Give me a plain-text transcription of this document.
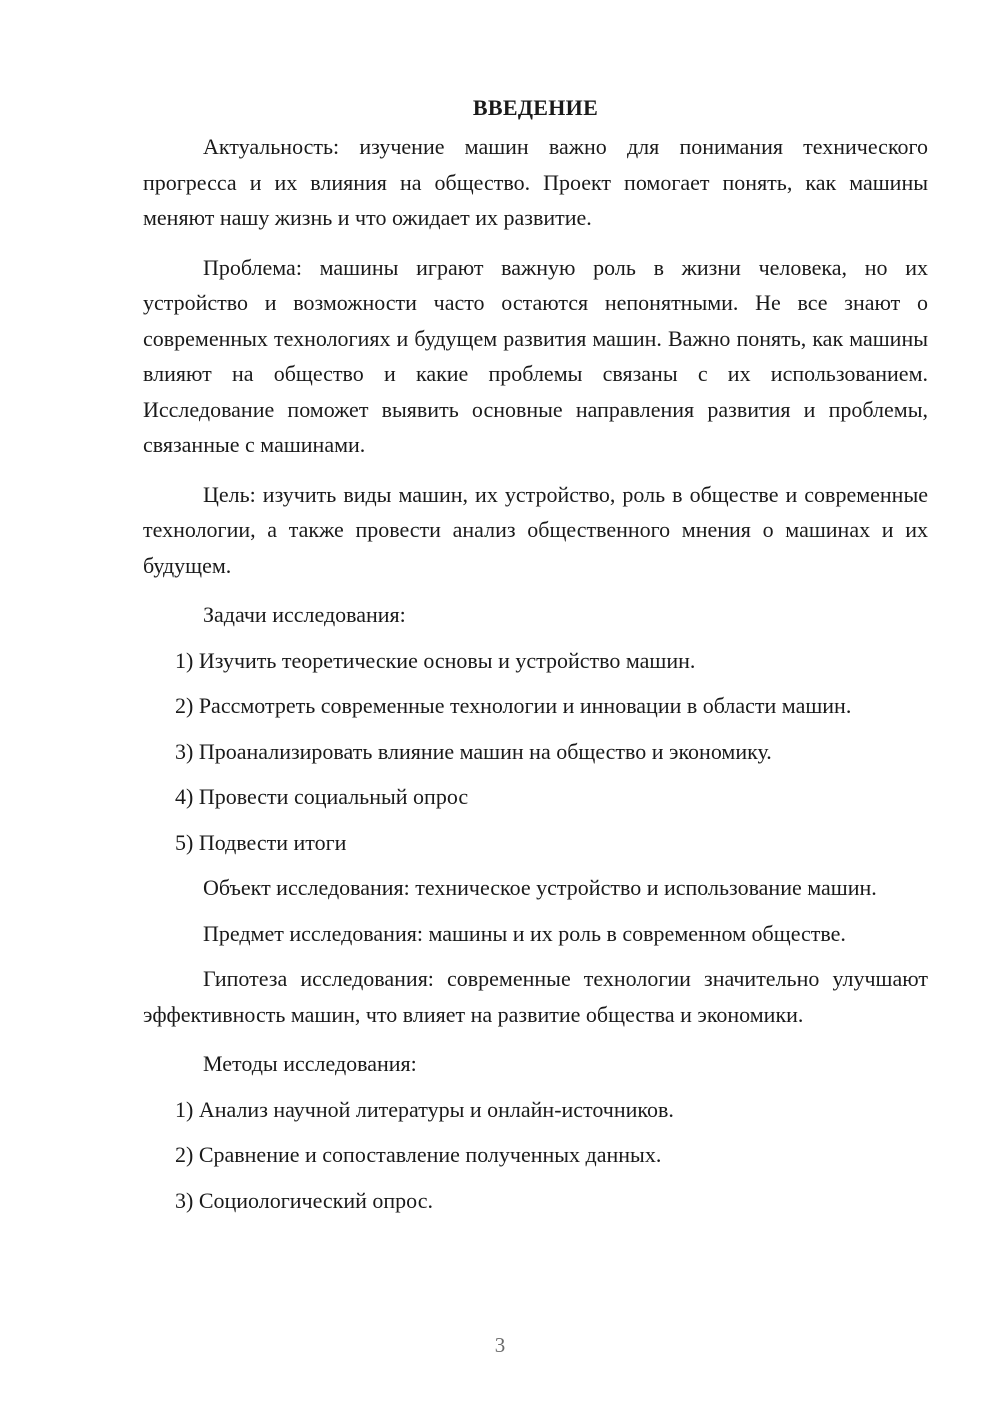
ВВЕДЕНИЕ

Актуальность: изучение машин важно для понимания технического прогресса и их влияния на общество. Проект помогает понять, как машины меняют нашу жизнь и что ожидает их развитие.

Проблема: машины играют важную роль в жизни человека, но их устройство и возможности часто остаются непонятными. Не все знают о современных технологиях и будущем развития машин. Важно понять, как машины влияют на общество и какие проблемы связаны с их использованием. Исследование поможет выявить основные направления развития и проблемы, связанные с машинами.

Цель: изучить виды машин, их устройство, роль в обществе и современные технологии, а также провести анализ общественного мнения о машинах и их будущем.

Задачи исследования:

1) Изучить теоретические основы и устройство машин.

2) Рассмотреть современные технологии и инновации в области машин.

3) Проанализировать влияние машин на общество и экономику.

4) Провести социальный опрос

5) Подвести итоги

Объект исследования: техническое устройство и использование машин.

Предмет исследования: машины и их роль в современном обществе.

Гипотеза исследования: современные технологии значительно улучшают эффективность машин, что влияет на развитие общества и экономики.

Методы исследования:

1) Анализ научной литературы и онлайн-источников.

2) Сравнение и сопоставление полученных данных.

3) Социологический опрос.

3
